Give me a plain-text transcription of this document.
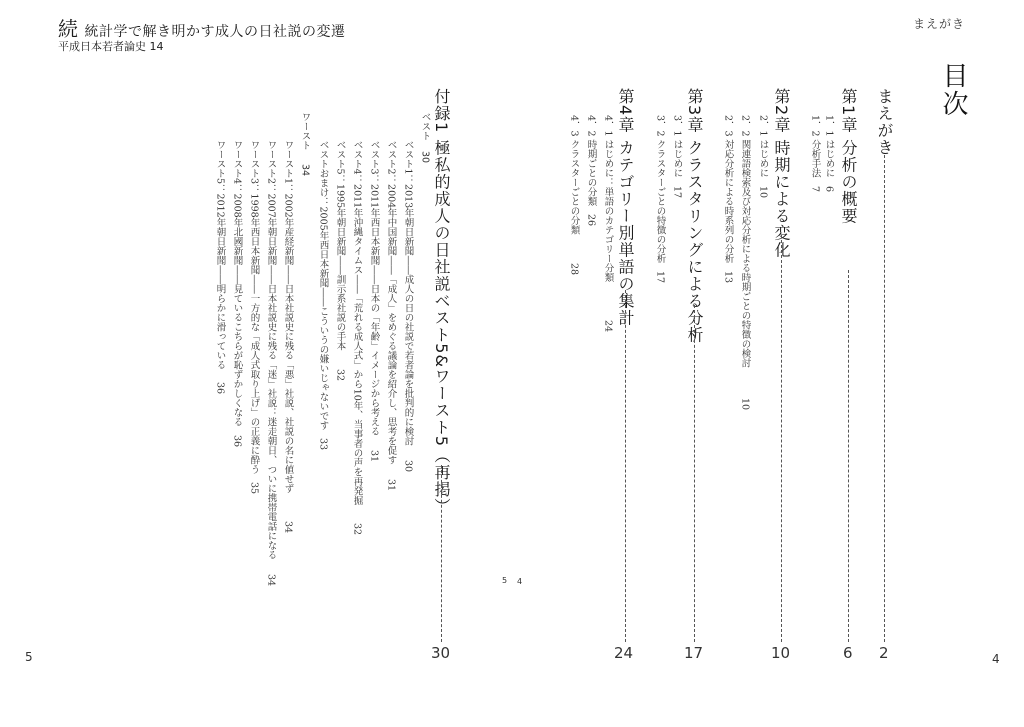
続 統計学で解き明かす成人の日社説の変遷
平成日本若者論史 14
まえがき
目次
まえがき
2
第1章 分析の概要
6
1．1 はじめに6
1．2 分析手法7
第2章 時期による変化
10
2．1 はじめに10
2．2 関連語検索及び対応分析による時期ごとの特徴の検討10
2．3 対応分析による時系列の分析13
第3章 クラスタリングによる分析
17
3．1 はじめに17
3．2 クラスターごとの特徴の分析17
第4章 カテゴリー別単語の集計
24
4．1 はじめに：単語のカテゴリー分類24
4．2 時期ごとの分類26
4．3 クラスターごとの分類28
付録1 極私的成人の日社説ベスト5&ワースト5（再掲）
30
ベスト30
ベスト1：2013年朝日新聞――成人の日の社説で若者論を批判的に検討30
ベスト2：2004年中国新聞――「成人」をめぐる議論を紹介し、思考を促す31
ベスト3：2011年西日本新聞――日本の「年齢」イメージから考える31
ベスト4：2011年沖縄タイムス――「荒れる成人式」から10年、当事者の声を再発掘32
ベスト5：1995年朝日新聞――訓示系社説の手本32
ベストおまけ：2005年西日本新聞――こういうの嫌いじゃないです33
ワースト34
ワースト1：2002年産経新聞――日本社説史に残る「悪」社説、社説の名に値せず34
ワースト2：2007年朝日新聞――日本社説史に残る「迷」社説：迷走朝日、ついに携帯電話になる34
ワースト3：1998年西日本新聞――一方的な「成人式取り上げ」の正義に酔う35
ワースト4：2008年北國新聞――見ているこちらが恥ずかしくなる36
ワースト5：2012年朝日新聞――明らかに滑っている36
5 4
5	4
